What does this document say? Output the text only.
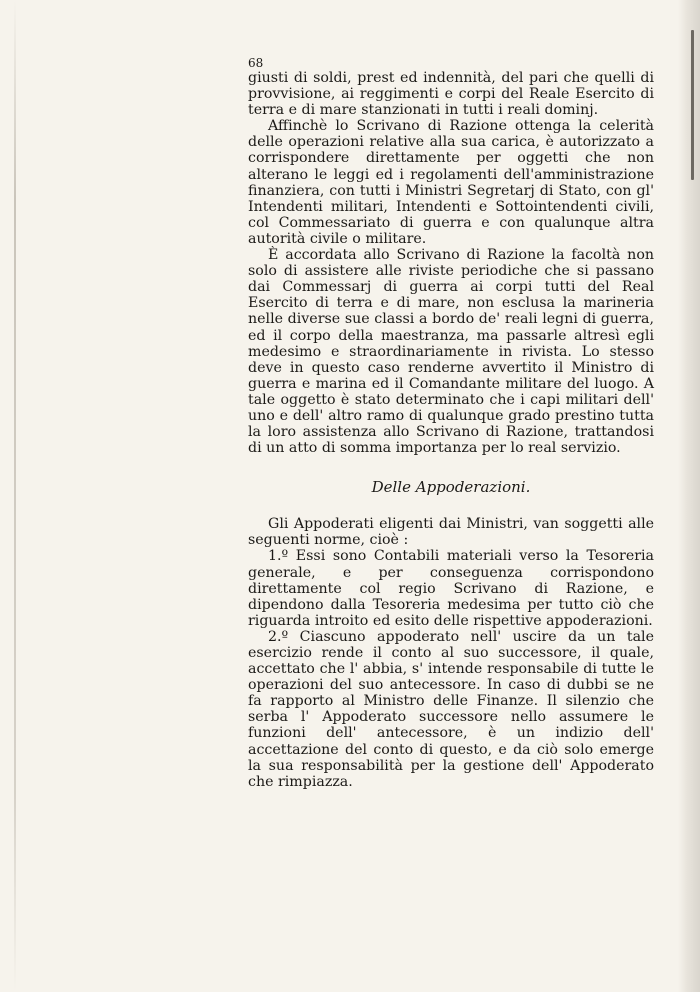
68

giusti di soldi, prest ed indennità, del pari che quelli di provvisione, ai reggimenti e corpi del Reale Esercito di terra e di mare stanzionati in tutti i reali dominj.

Affinchè lo Scrivano di Razione ottenga la celerità delle operazioni relative alla sua carica, è autorizzato a corrispondere direttamente per oggetti che non alterano le leggi ed i regolamenti dell'amministrazione finanziera, con tutti i Ministri Segretarj di Stato, con gl' Intendenti militari, Intendenti e Sottointendenti civili, col Commessariato di guerra e con qualunque altra autorità civile o militare.

È accordata allo Scrivano di Razione la facoltà non solo di assistere alle riviste periodiche che si passano dai Commessarj di guerra ai corpi tutti del Real Esercito di terra e di mare, non esclusa la marineria nelle diverse sue classi a bordo de' reali legni di guerra, ed il corpo della maestranza, ma passarle altresì egli medesimo e straordinariamente in rivista. Lo stesso deve in questo caso renderne avvertito il Ministro di guerra e marina ed il Comandante militare del luogo. A tale oggetto è stato determinato che i capi militari dell' uno e dell' altro ramo di qualunque grado prestino tutta la loro assistenza allo Scrivano di Razione, trattandosi di un atto di somma importanza per lo real servizio.

Delle Appoderazioni.

Gli Appoderati eligenti dai Ministri, van soggetti alle seguenti norme, cioè :

1.º Essi sono Contabili materiali verso la Tesoreria generale, e per conseguenza corrispondono direttamente col regio Scrivano di Razione, e dipendono dalla Tesoreria medesima per tutto ciò che riguarda introito ed esito delle rispettive appoderazioni.

2.º Ciascuno appoderato nell' uscire da un tale esercizio rende il conto al suo successore, il quale, accettato che l' abbia, s' intende responsabile di tutte le operazioni del suo antecessore. In caso di dubbi se ne fa rapporto al Ministro delle Finanze. Il silenzio che serba l' Appoderato successore nello assumere le funzioni dell' antecessore, è un indizio dell' accettazione del conto di questo, e da ciò solo emerge la sua responsabilità per la gestione dell' Appoderato che rimpiazza.
